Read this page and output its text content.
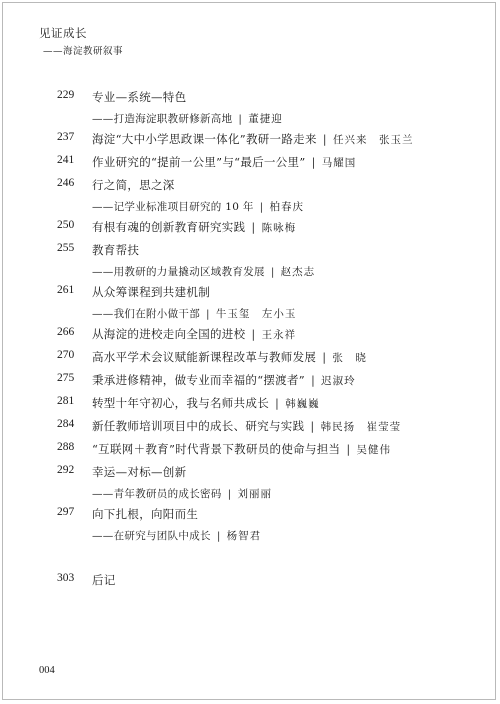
见证成长
——海淀教研叙事
229	专业—系统—特色
——打造海淀职教研修新高地 | 董捷迎
237	海淀“大中小学思政课一体化”教研一路走来 | 任兴来　张玉兰
241	作业研究的“提前一公里”与“最后一公里” | 马耀国
246	行之简，思之深
——记学业标准项目研究的 10 年 | 柏春庆
250	有根有魂的创新教育研究实践 | 陈咏梅
255	教育帮扶
——用教研的力量撬动区域教育发展 | 赵杰志
261	从众筹课程到共建机制
——我们在附小做干部 | 牛玉玺　左小玉
266	从海淀的进校走向全国的进校 | 王永祥
270	高水平学术会议赋能新课程改革与教师发展 | 张　晓
275	秉承进修精神，做专业而幸福的“摆渡者” | 迟淑玲
281	转型十年守初心，我与名师共成长 | 韩巍巍
284	新任教师培训项目中的成长、研究与实践 | 韩民扬　崔莹莹
288	“互联网＋教育”时代背景下教研员的使命与担当 | 吴健伟
292	幸运—对标—创新
——青年教研员的成长密码 | 刘丽丽
297	向下扎根，向阳而生
——在研究与团队中成长 | 杨智君
303	后记
004
